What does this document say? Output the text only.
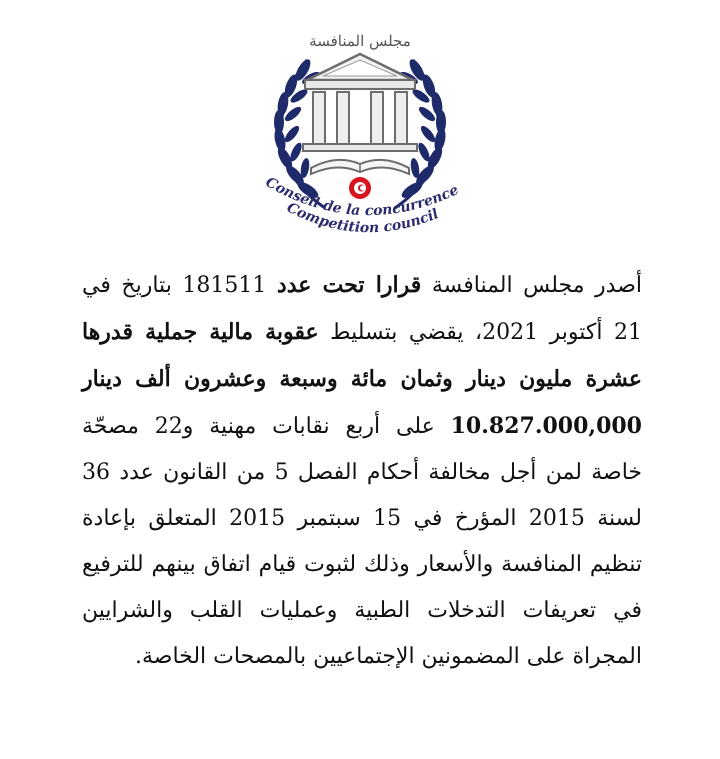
مجلس المنافسة
Conseil de la concurrence
Competition council
أصدر مجلس المنافسة قرارا تحت عدد 181511 بتاريخ في 21 أكتوبر 2021، يقضي بتسليط عقوبة مالية جملية قدرها عشرة مليون دينار وثمان مائة وسبعة وعشرون ألف دينار 10.827.000,000 على أربع نقابات مهنية و22 مصحّة خاصة لمن أجل مخالفة أحكام الفصل 5 من القانون عدد 36 لسنة 2015 المؤرخ في 15 سبتمبر 2015 المتعلق بإعادة تنظيم المنافسة والأسعار وذلك لثبوت قيام اتفاق بينهم للترفيع في تعريفات التدخلات الطبية وعمليات القلب والشرايين المجراة على المضمونين الإجتماعيين بالمصحات الخاصة.
